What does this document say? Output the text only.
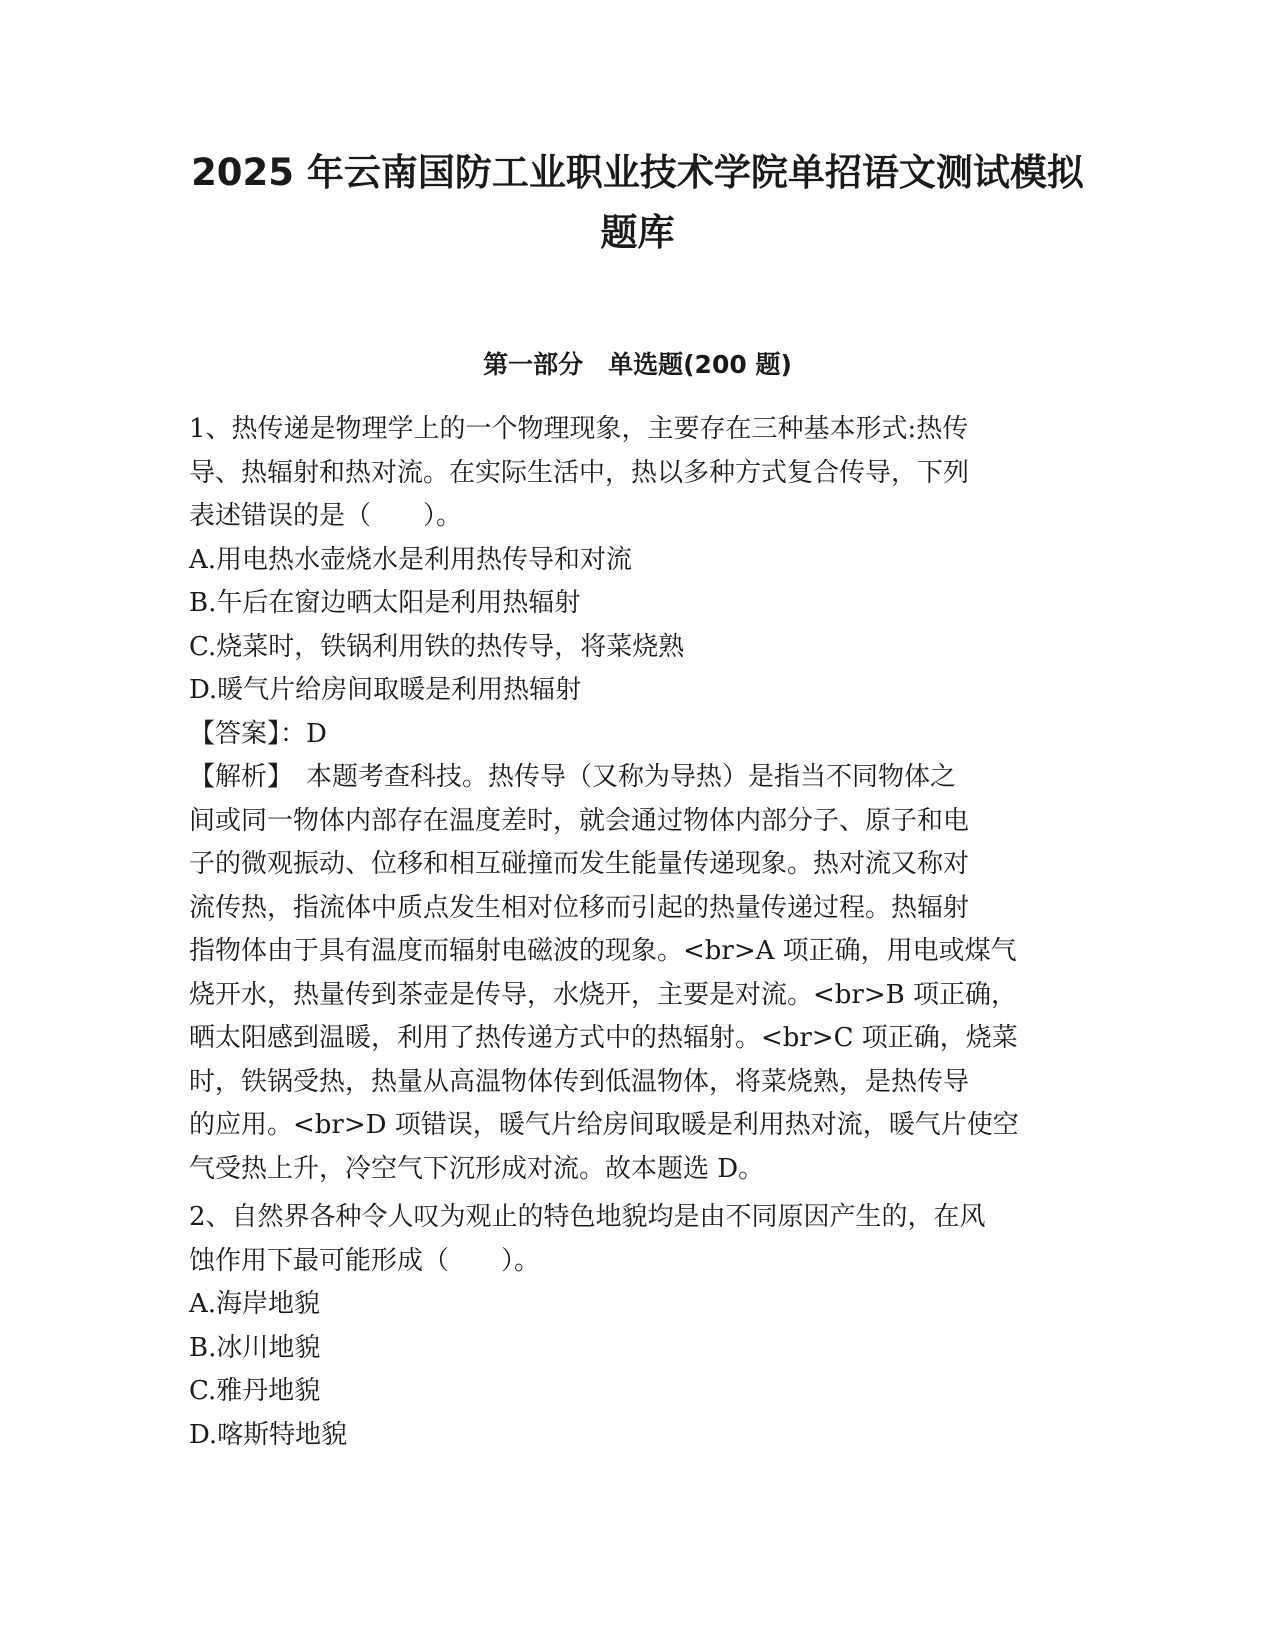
2025 年云南国防工业职业技术学院单招语文测试模拟
题库
第一部分　单选题(200 题)
1、热传递是物理学上的一个物理现象，主要存在三种基本形式:热传
导、热辐射和热对流。在实际生活中，热以多种方式复合传导，下列
表述错误的是（　　）。
A.用电热水壶烧水是利用热传导和对流
B.午后在窗边晒太阳是利用热辐射
C.烧菜时，铁锅利用铁的热传导，将菜烧熟
D.暖气片给房间取暖是利用热辐射
【答案】：D
【解析】　本题考查科技。热传导（又称为导热）是指当不同物体之
间或同一物体内部存在温度差时，就会通过物体内部分子、原子和电
子的微观振动、位移和相互碰撞而发生能量传递现象。热对流又称对
流传热，指流体中质点发生相对位移而引起的热量传递过程。热辐射
指物体由于具有温度而辐射电磁波的现象。<br>A 项正确，用电或煤气
烧开水，热量传到茶壶是传导，水烧开，主要是对流。<br>B 项正确，
晒太阳感到温暖，利用了热传递方式中的热辐射。<br>C 项正确，烧菜
时，铁锅受热，热量从高温物体传到低温物体，将菜烧熟，是热传导
的应用。<br>D 项错误，暖气片给房间取暖是利用热对流，暖气片使空
气受热上升，冷空气下沉形成对流。故本题选 D。
2、自然界各种令人叹为观止的特色地貌均是由不同原因产生的，在风
蚀作用下最可能形成（　　）。
A.海岸地貌
B.冰川地貌
C.雅丹地貌
D.喀斯特地貌
